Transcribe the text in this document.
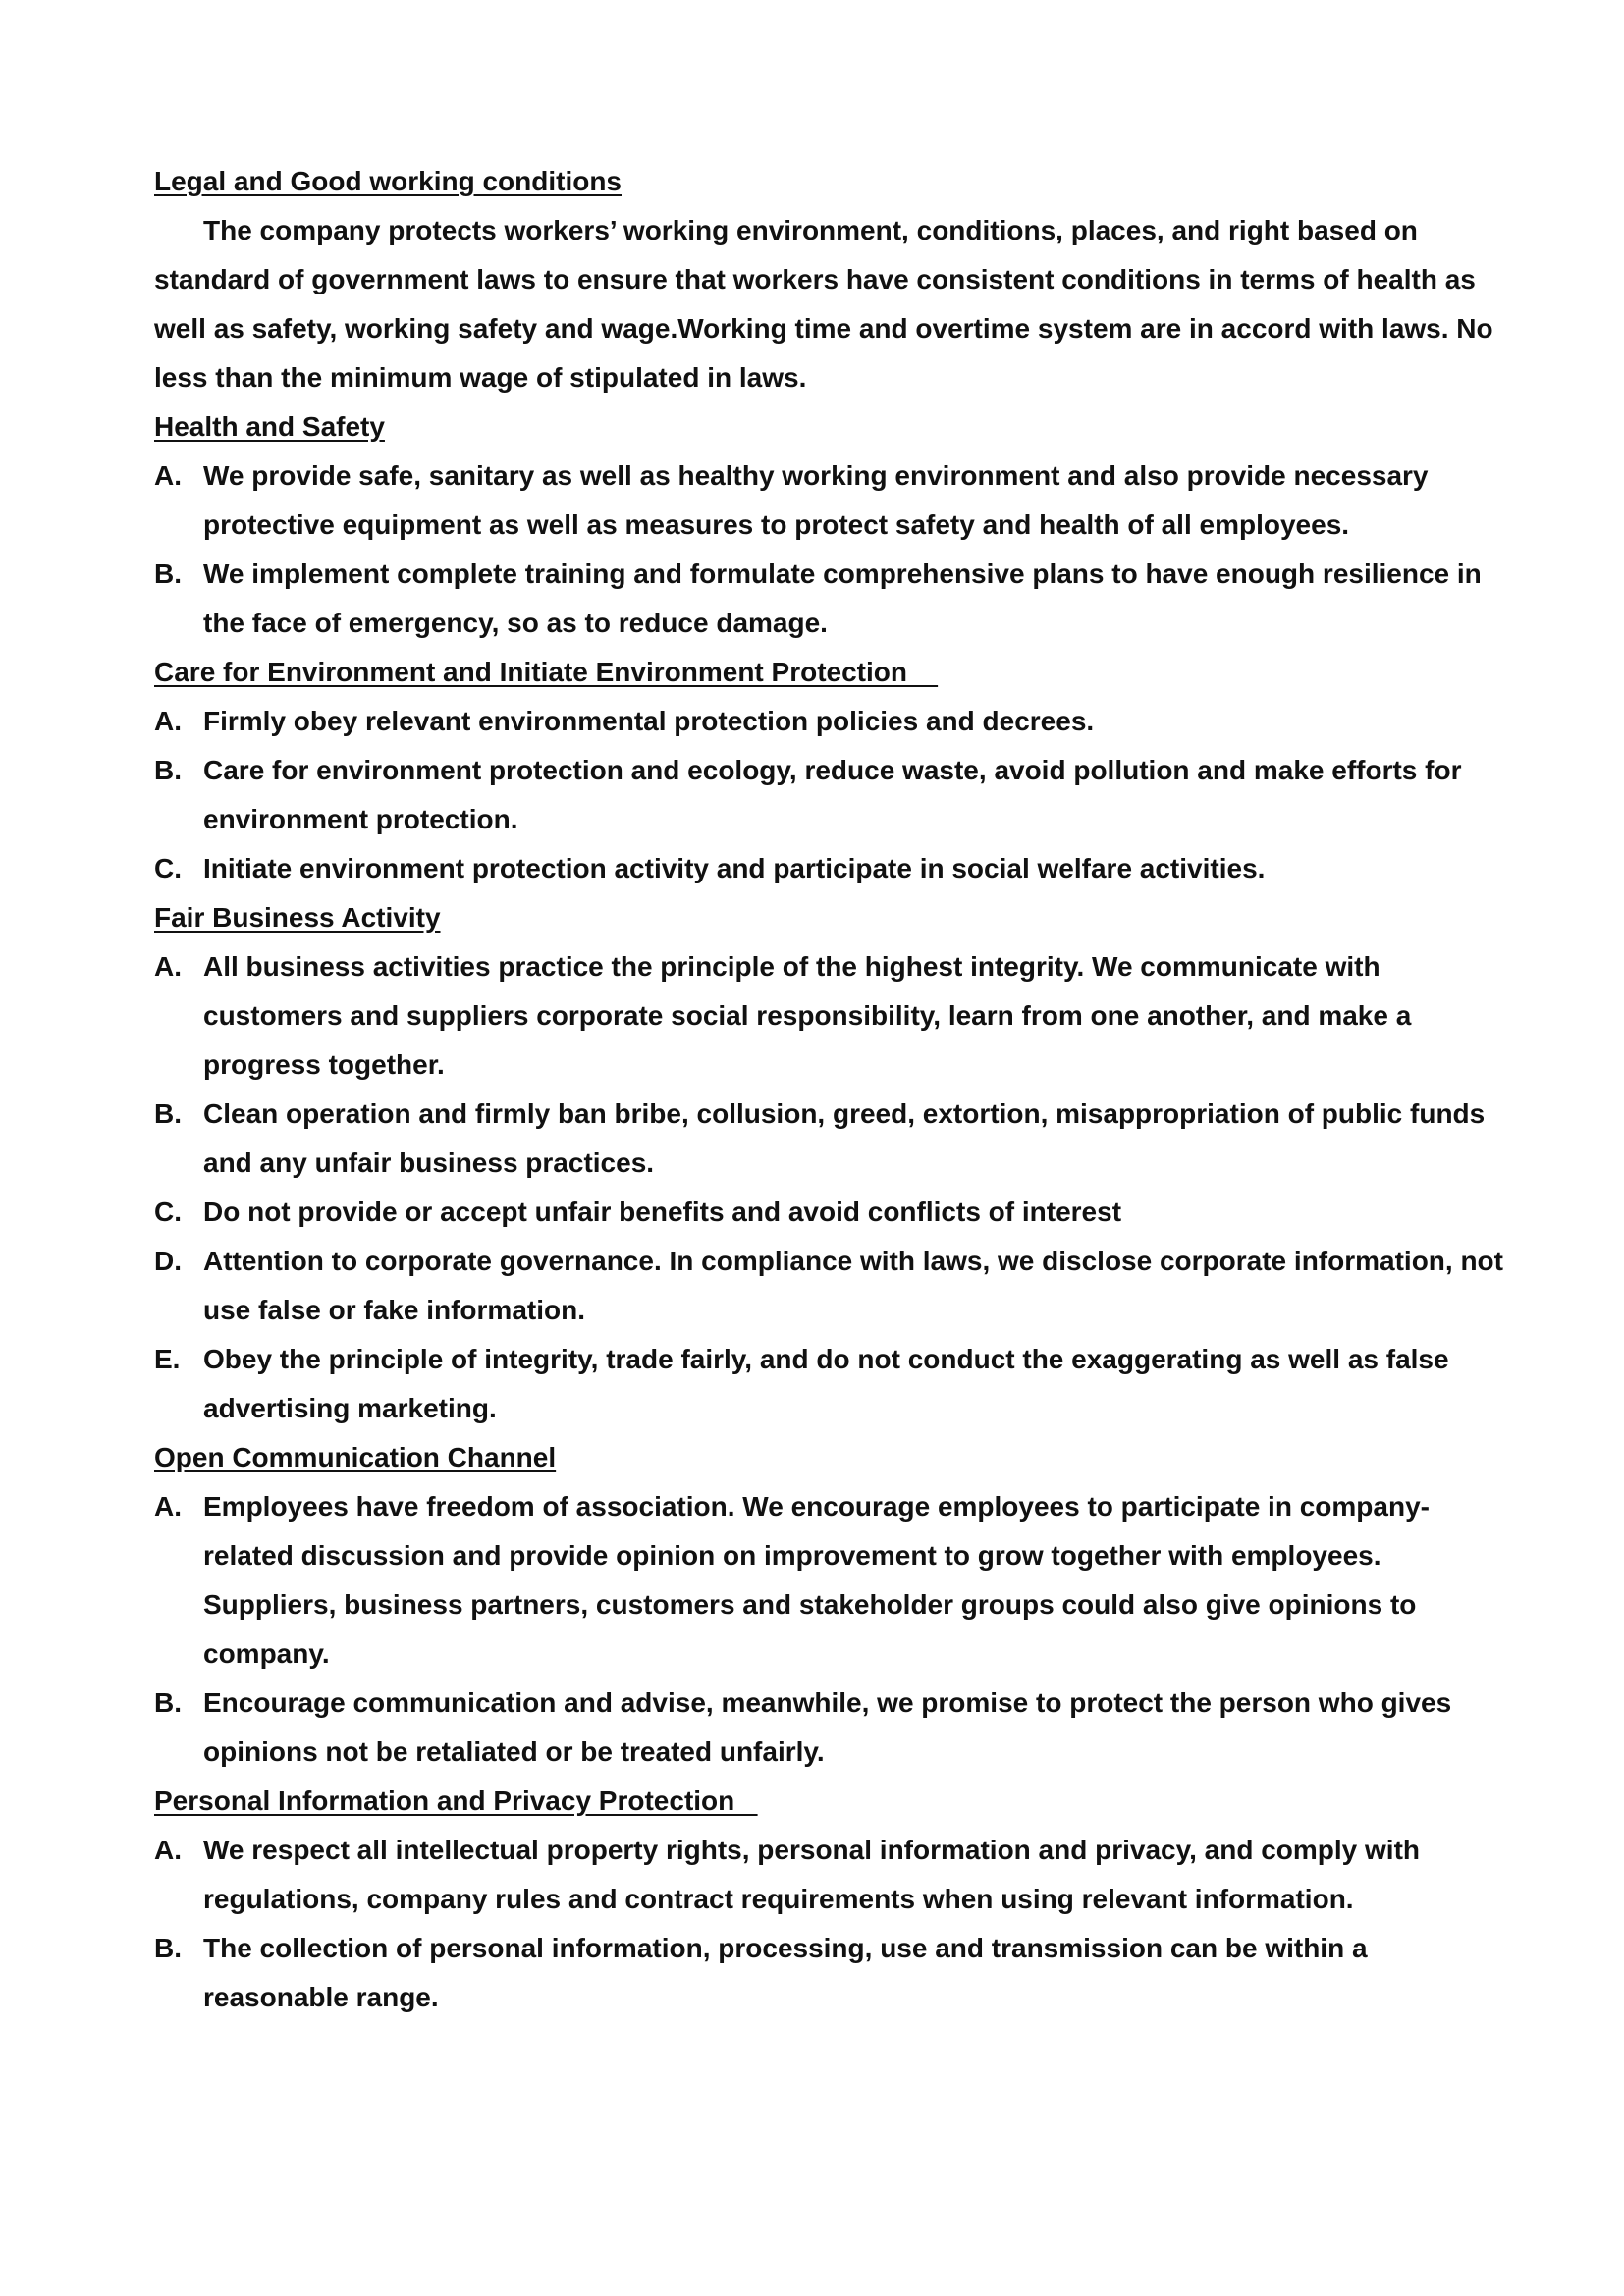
Legal and Good working conditions

The company protects workers’ working environment, conditions, places, and right based on standard of government laws to ensure that workers have consistent conditions in terms of health as well as safety, working safety and wage.Working time and overtime system are in accord with laws. No less than the minimum wage of stipulated in laws.

Health and Safety
A. We provide safe, sanitary as well as healthy working environment and also provide necessary protective equipment as well as measures to protect safety and health of all employees.
B. We implement complete training and formulate comprehensive plans to have enough resilience in the face of emergency, so as to reduce damage.
Care for Environment and Initiate Environment Protection
A. Firmly obey relevant environmental protection policies and decrees.
B. Care for environment protection and ecology, reduce waste, avoid pollution and make efforts for environment protection.
C. Initiate environment protection activity and participate in social welfare activities.
Fair Business Activity
A. All business activities practice the principle of the highest integrity. We communicate with customers and suppliers corporate social responsibility, learn from one another, and make a progress together.
B. Clean operation and firmly ban bribe, collusion, greed, extortion, misappropriation of public funds and any unfair business practices.
C. Do not provide or accept unfair benefits and avoid conflicts of interest
D. Attention to corporate governance. In compliance with laws, we disclose corporate information, not use false or fake information.
E. Obey the principle of integrity, trade fairly, and do not conduct the exaggerating as well as false advertising marketing.
Open Communication Channel
A. Employees have freedom of association. We encourage employees to participate in company-related discussion and provide opinion on improvement to grow together with employees. Suppliers, business partners, customers and stakeholder groups could also give opinions to company.
B. Encourage communication and advise, meanwhile, we promise to protect the person who gives opinions not be retaliated or be treated unfairly.
Personal Information and Privacy Protection
A. We respect all intellectual property rights, personal information and privacy, and comply with regulations, company rules and contract requirements when using relevant information.
B. The collection of personal information, processing, use and transmission can be within a reasonable range.
